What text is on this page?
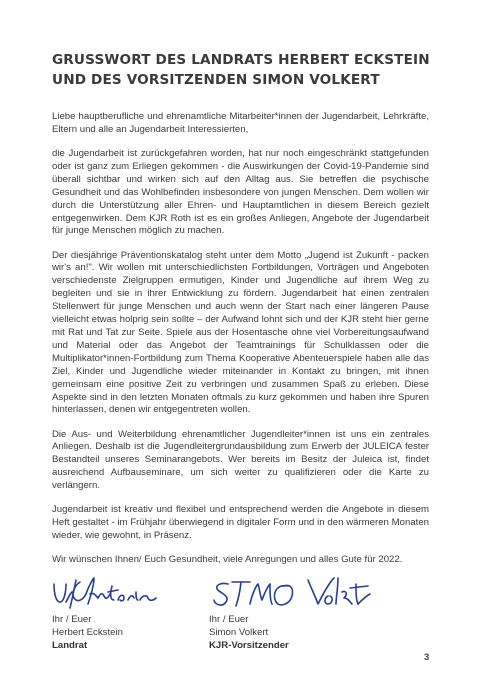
GRUSSWORT DES LANDRATS HERBERT ECKSTEIN
UND DES VORSITZENDEN SIMON VOLKERT

Liebe hauptberufliche und ehrenamtliche Mitarbeiter*innen der Jugendarbeit, Lehrkräfte, Eltern und alle an Jugendarbeit Interessierten,

die Jugendarbeit ist zurückgefahren worden, hat nur noch eingeschränkt stattgefunden oder ist ganz zum Erliegen gekommen - die Auswirkungen der Covid-19-Pandemie sind überall sichtbar und wirken sich auf den Alltag aus. Sie betreffen die psychische Gesundheit und das Wohlbefinden insbesondere von jungen Menschen. Dem wollen wir durch die Unterstützung aller Ehren- und Hauptamtlichen in diesem Bereich gezielt entgegenwirken. Dem KJR Roth ist es ein großes Anliegen, Angebote der Jugendarbeit für junge Menschen möglich zu machen.

Der diesjährige Präventionskatalog steht unter dem Motto „Jugend ist Zukunft - packen wir's an!". Wir wollen mit unterschiedlichsten Fortbildungen, Vorträgen und Angeboten verschiedenste Zielgruppen ermutigen, Kinder und Jugendliche auf ihrem Weg zu begleiten und sie in ihrer Entwicklung zu fördern. Jugendarbeit hat einen zentralen Stellenwert für junge Menschen und auch wenn der Start nach einer längeren Pause vielleicht etwas holprig sein sollte – der Aufwand lohnt sich und der KJR steht hier gerne mit Rat und Tat zur Seite. Spiele aus der Hosentasche ohne viel Vorbereitungsaufwand und Material oder das Angebot der Teamtrainings für Schulklassen oder die Multiplikator*innen-Fortbildung zum Thema Kooperative Abenteuerspiele haben alle das Ziel, Kinder und Jugendliche wieder miteinander in Kontakt zu bringen, mit ihnen gemeinsam eine positive Zeit zu verbringen und zusammen Spaß zu erleben. Diese Aspekte sind in den letzten Monaten oftmals zu kurz gekommen und haben ihre Spuren hinterlassen, denen wir entgegentreten wollen.

Die Aus- und Weiterbildung ehrenamtlicher Jugendleiter*innen ist uns ein zentrales Anliegen. Deshalb ist die Jugendleitergrundausbildung zum Erwerb der JULEICA fester Bestandteil unseres Seminarangebots. Wer bereits im Besitz der Juleica ist, findet ausreichend Aufbauseminare, um sich weiter zu qualifizieren oder die Karte zu verlängern.

Jugendarbeit ist kreativ und flexibel und entsprechend werden die Angebote in diesem Heft gestaltet - im Frühjahr überwiegend in digitaler Form und in den wärmeren Monaten wieder, wie gewohnt, in Präsenz.

Wir wünschen Ihnen/ Euch Gesundheit, viele Anregungen und alles Gute für 2022.

Ihr / Euer
Herbert Eckstein
Landrat
Ihr / Euer
Simon Volkert
KJR-Vorsitzender
3
